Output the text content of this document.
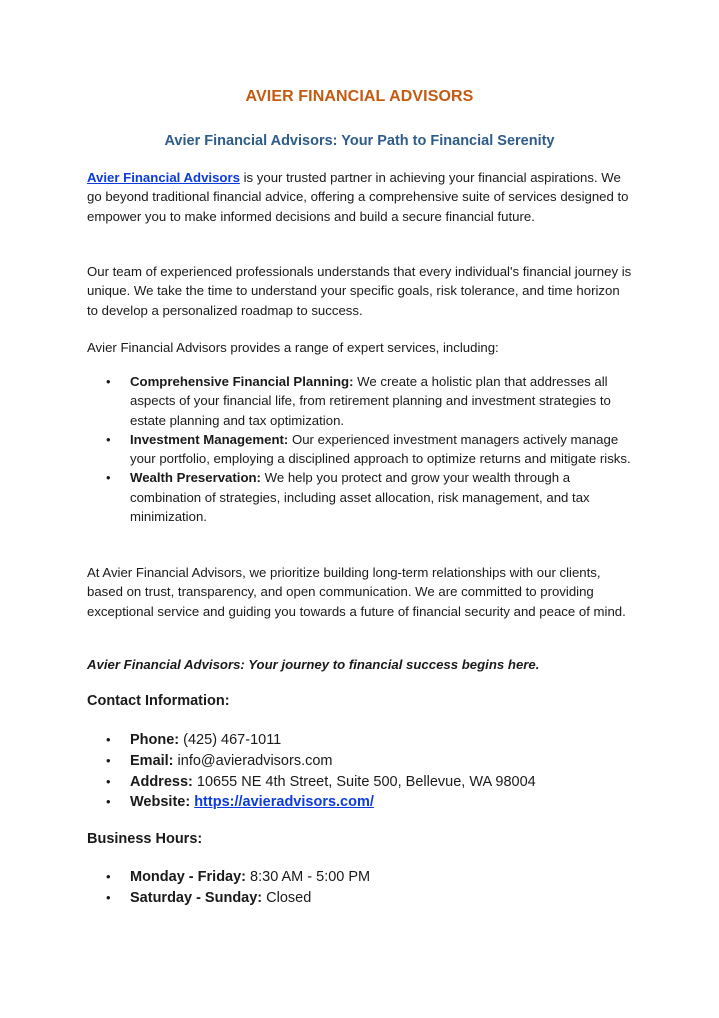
AVIER FINANCIAL ADVISORS
Avier Financial Advisors: Your Path to Financial Serenity

Avier Financial Advisors is your trusted partner in achieving your financial aspirations. We go beyond traditional financial advice, offering a comprehensive suite of services designed to empower you to make informed decisions and build a secure financial future.

Our team of experienced professionals understands that every individual's financial journey is unique. We take the time to understand your specific goals, risk tolerance, and time horizon to develop a personalized roadmap to success.

Avier Financial Advisors provides a range of expert services, including:

• Comprehensive Financial Planning: We create a holistic plan that addresses all aspects of your financial life, from retirement planning and investment strategies to estate planning and tax optimization.
• Investment Management: Our experienced investment managers actively manage your portfolio, employing a disciplined approach to optimize returns and mitigate risks.
• Wealth Preservation: We help you protect and grow your wealth through a combination of strategies, including asset allocation, risk management, and tax minimization.

At Avier Financial Advisors, we prioritize building long-term relationships with our clients, based on trust, transparency, and open communication. We are committed to providing exceptional service and guiding you towards a future of financial security and peace of mind.

Avier Financial Advisors: Your journey to financial success begins here.
Contact Information:
• Phone: (425) 467-1011
• Email: info@avieradvisors.com
• Address: 10655 NE 4th Street, Suite 500, Bellevue, WA 98004
• Website: https://avieradvisors.com/
Business Hours:
• Monday - Friday: 8:30 AM - 5:00 PM
• Saturday - Sunday: Closed
